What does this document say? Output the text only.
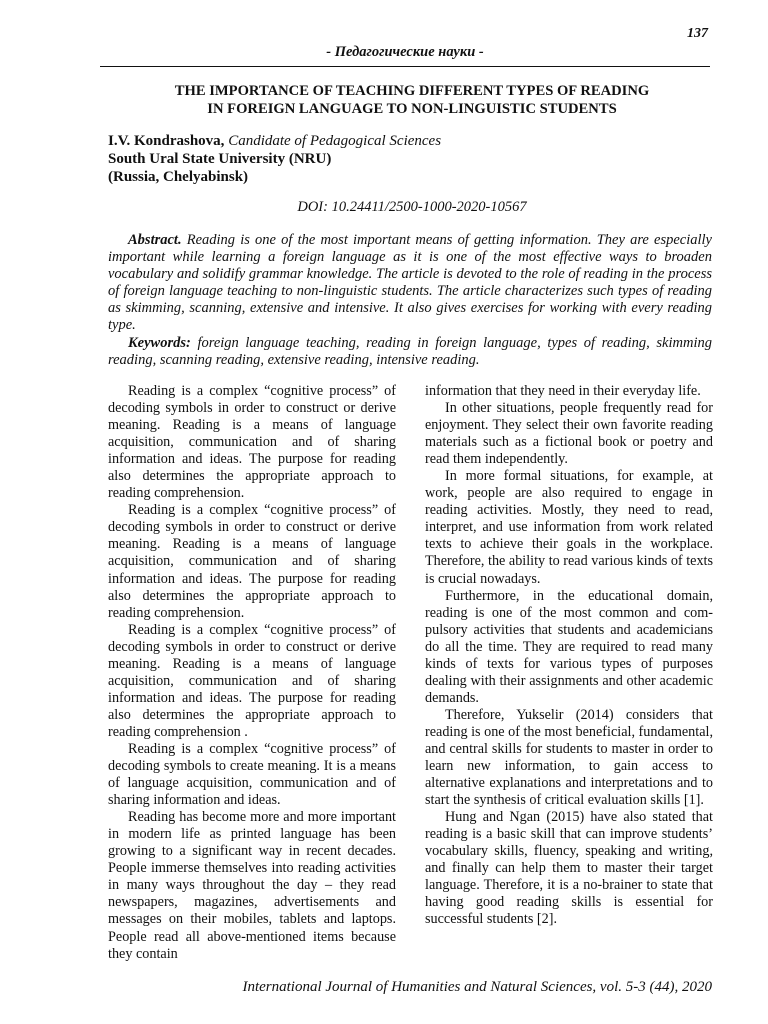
137
- Педагогические науки -
THE IMPORTANCE OF TEACHING DIFFERENT TYPES OF READING
IN FOREIGN LANGUAGE TO NON-LINGUISTIC STUDENTS
I.V. Kondrashova, Candidate of Pedagogical Sciences
South Ural State University (NRU)
(Russia, Chelyabinsk)
DOI: 10.24411/2500-1000-2020-10567

Abstract. Reading is one of the most important means of getting information. They are especially important while learning a foreign language as it is one of the most effective ways to broaden vocabulary and solidify grammar knowledge. The article is devoted to the role of reading in the process of foreign language teaching to non-linguistic students. The article characterizes such types of reading as skimming, scanning, extensive and intensive. It also gives exercises for working with every reading type.

Keywords: foreign language teaching, reading in foreign language, types of reading, skimming reading, scanning reading, extensive reading, intensive reading.

Reading is a complex “cognitive process” of decoding symbols in order to construct or derive meaning. Reading is a means of language acquisition, communication and of sharing information and ideas. The purpose for reading also determines the appropriate approach to reading comprehension.

Reading is a complex “cognitive process” of decoding symbols in order to construct or derive meaning. Reading is a means of language acquisition, communication and of sharing information and ideas. The purpose for reading also determines the appropriate approach to reading comprehension.

Reading is a complex “cognitive process” of decoding symbols in order to construct or derive meaning. Reading is a means of language acquisition, communication and of sharing information and ideas. The purpose for reading also determines the appropriate approach to reading comprehension .

Reading is a complex “cognitive process” of decoding symbols to create meaning. It is a means of language acquisition, communication and of sharing information and ideas.

Reading has become more and more important in modern life as printed language has been growing to a significant way in recent decades. People immerse themselves into reading activities in many ways throughout the day – they read newspapers, magazines, advertisements and messages on their mobiles, tablets and laptops. People read all above-mentioned items because they contain

information that they need in their everyday life.

In other situations, people frequently read for enjoyment. They select their own favorite reading materials such as a fictional book or poetry and read them independently.

In more formal situations, for example, at work, people are also required to engage in reading activities. Mostly, they need to read, interpret, and use information from work related texts to achieve their goals in the workplace. Therefore, the ability to read various kinds of texts is crucial nowadays.

Furthermore, in the educational domain, reading is one of the most common and compulsory activities that students and academicians do all the time. They are required to read many kinds of texts for various types of purposes dealing with their assignments and other academic demands.

Therefore, Yukselir (2014) considers that reading is one of the most beneficial, fundamental, and central skills for students to master in order to learn new information, to gain access to alternative explanations and interpretations and to start the synthesis of critical evaluation skills [1].

Hung and Ngan (2015) have also stated that reading is a basic skill that can improve students’ vocabulary skills, fluency, speaking and writing, and finally can help them to master their target language. Therefore, it is a no-brainer to state that having good reading skills is essential for successful students [2].

International Journal of Humanities and Natural Sciences, vol. 5-3 (44), 2020
